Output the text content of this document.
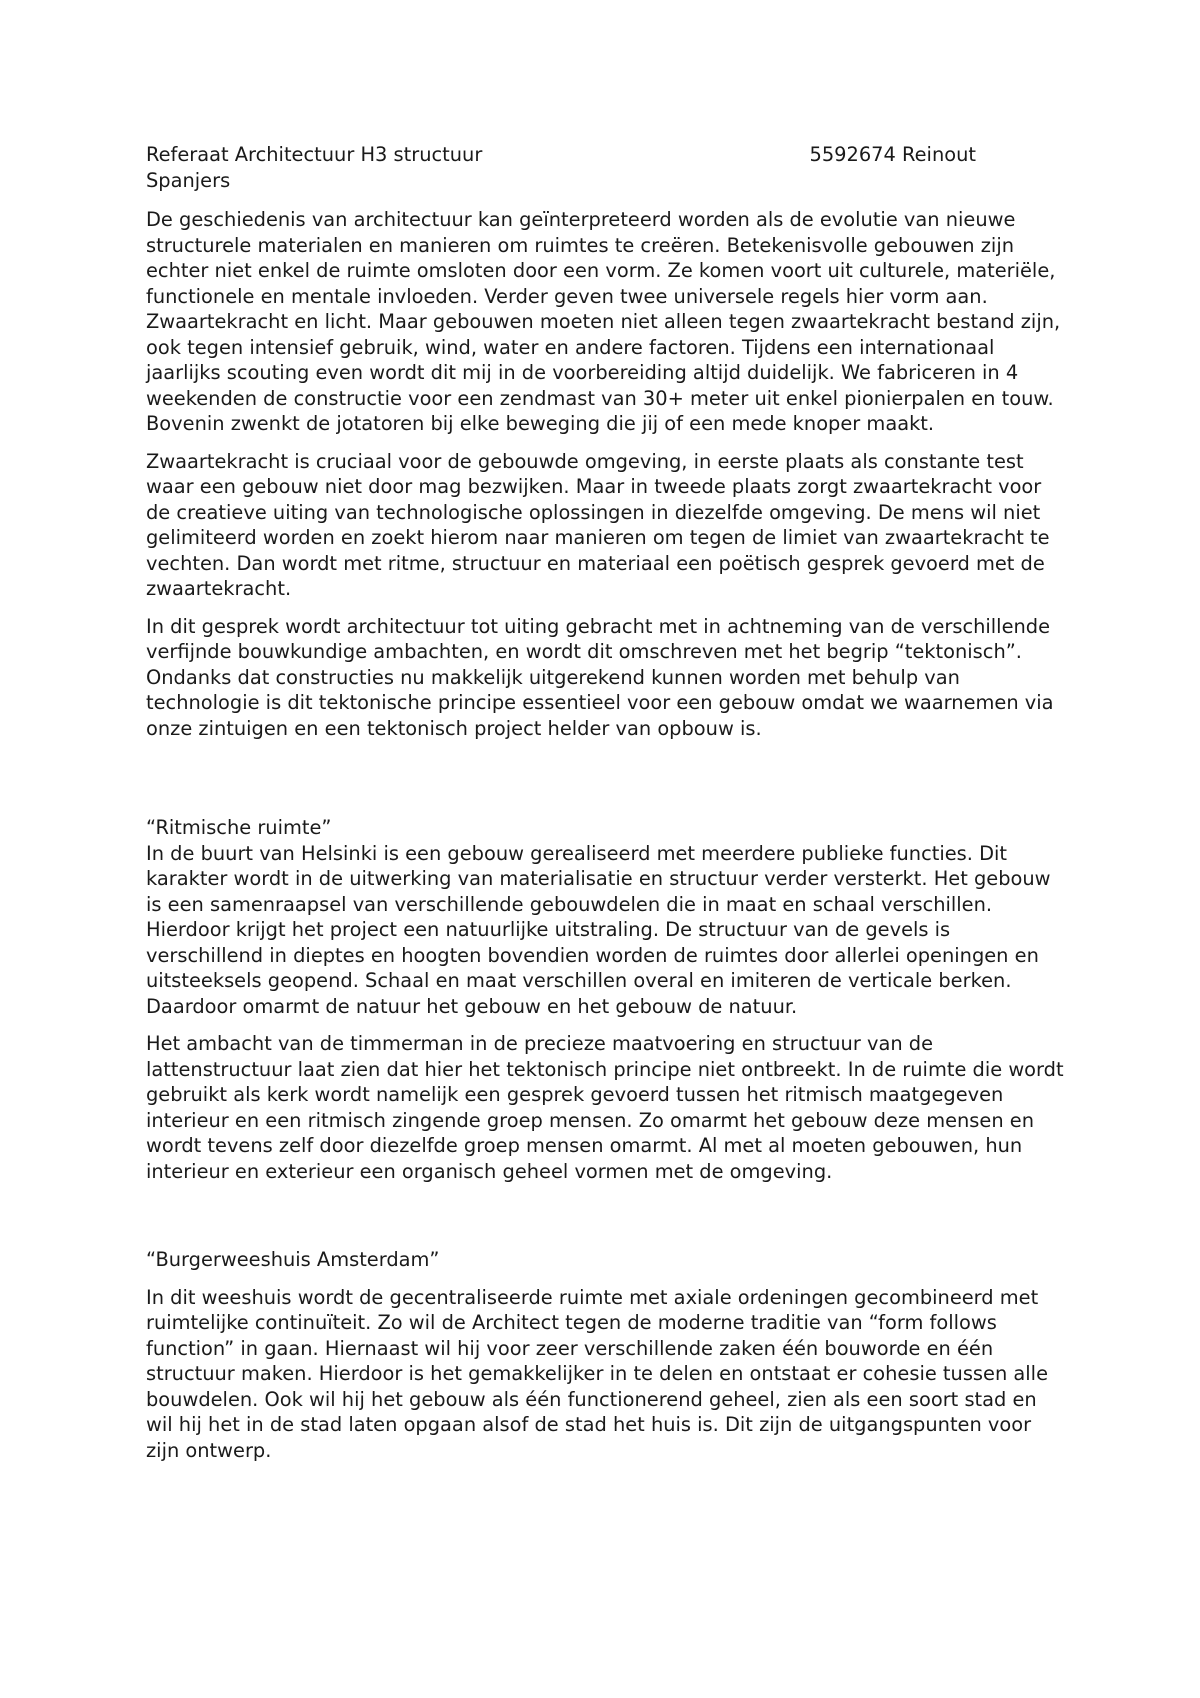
Referaat Architectuur H3 structuur	5592674 Reinout
Spanjers

De geschiedenis van architectuur kan geïnterpreteerd worden als de evolutie van nieuwe structurele materialen en manieren om ruimtes te creëren. Betekenisvolle gebouwen zijn echter niet enkel de ruimte omsloten door een vorm. Ze komen voort uit culturele, materiële, functionele en mentale invloeden. Verder geven twee universele regels hier vorm aan. Zwaartekracht en licht. Maar gebouwen moeten niet alleen tegen zwaartekracht bestand zijn, ook tegen intensief gebruik, wind, water en andere factoren. Tijdens een internationaal jaarlijks scouting even wordt dit mij in de voorbereiding altijd duidelijk. We fabriceren in 4 weekenden de constructie voor een zendmast van 30+ meter uit enkel pionierpalen en touw. Bovenin zwenkt de jotatoren bij elke beweging die jij of een mede knoper maakt.

Zwaartekracht is cruciaal voor de gebouwde omgeving, in eerste plaats als constante test waar een gebouw niet door mag bezwijken. Maar in tweede plaats zorgt zwaartekracht voor de creatieve uiting van technologische oplossingen in diezelfde omgeving. De mens wil niet gelimiteerd worden en zoekt hierom naar manieren om tegen de limiet van zwaartekracht te vechten. Dan wordt met ritme, structuur en materiaal een poëtisch gesprek gevoerd met de zwaartekracht.

In dit gesprek wordt architectuur tot uiting gebracht met in achtneming van de verschillende verfijnde bouwkundige ambachten, en wordt dit omschreven met het begrip “tektonisch”. Ondanks dat constructies nu makkelijk uitgerekend kunnen worden met behulp van technologie is dit tektonische principe essentieel voor een gebouw omdat we waarnemen via onze zintuigen en een tektonisch project helder van opbouw is.

“Ritmische ruimte”

In de buurt van Helsinki is een gebouw gerealiseerd met meerdere publieke functies. Dit karakter wordt in de uitwerking van materialisatie en structuur verder versterkt. Het gebouw is een samenraapsel van verschillende gebouwdelen die in maat en schaal verschillen. Hierdoor krijgt het project een natuurlijke uitstraling. De structuur van de gevels is verschillend in dieptes en hoogten bovendien worden de ruimtes door allerlei openingen en uitsteeksels geopend. Schaal en maat verschillen overal en imiteren de verticale berken. Daardoor omarmt de natuur het gebouw en het gebouw de natuur.

Het ambacht van de timmerman in de precieze maatvoering en structuur van de lattenstructuur laat zien dat hier het tektonisch principe niet ontbreekt. In de ruimte die wordt gebruikt als kerk wordt namelijk een gesprek gevoerd tussen het ritmisch maatgegeven interieur en een ritmisch zingende groep mensen. Zo omarmt het gebouw deze mensen en wordt tevens zelf door diezelfde groep mensen omarmt. Al met al moeten gebouwen, hun interieur en exterieur een organisch geheel vormen met de omgeving.

“Burgerweeshuis Amsterdam”

In dit weeshuis wordt de gecentraliseerde ruimte met axiale ordeningen gecombineerd met ruimtelijke continuïteit. Zo wil de Architect tegen de moderne traditie van “form follows function” in gaan. Hiernaast wil hij voor zeer verschillende zaken één bouworde en één structuur maken. Hierdoor is het gemakkelijker in te delen en ontstaat er cohesie tussen alle bouwdelen. Ook wil hij het gebouw als één functionerend geheel, zien als een soort stad en wil hij het in de stad laten opgaan alsof de stad het huis is. Dit zijn de uitgangspunten voor zijn ontwerp.
